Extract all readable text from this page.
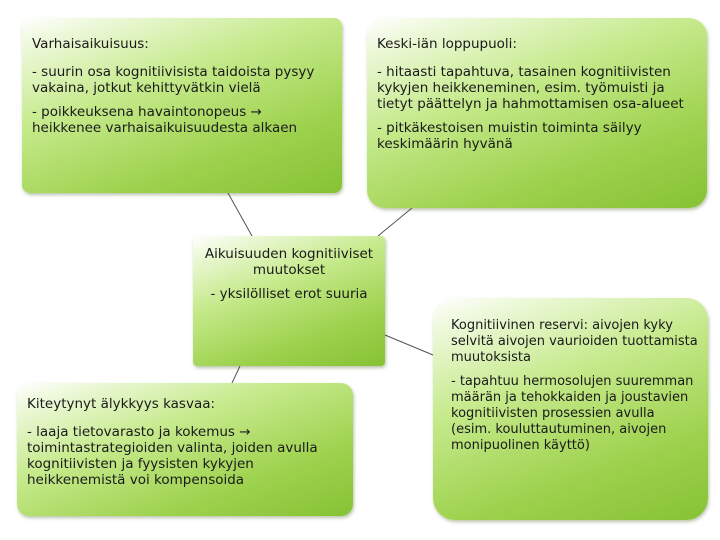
Varhaisaikuisuus:

- suurin osa kognitiivisista taidoista pysyy vakaina, jotkut kehittyvätkin vielä

- poikkeuksena havaintonopeus → heikkenee varhaisaikuisuudesta alkaen

Keski-iän loppupuoli:

- hitaasti tapahtuva, tasainen kognitiivisten kykyjen heikkeneminen, esim. työmuisti ja tietyt päättelyn ja hahmottamisen osa-alueet

- pitkäkestoisen muistin toiminta säilyy keskimäärin hyvänä

Aikuisuuden kognitiiviset muutokset

- yksilölliset erot suuria

Kiteytynyt älykkyys kasvaa:

- laaja tietovarasto ja kokemus → toimintastrategioiden valinta, joiden avulla kognitiivisten ja fyysisten kykyjen heikkenemistä voi kompensoida

Kognitiivinen reservi: aivojen kyky selvitä aivojen vaurioiden tuottamista muutoksista

- tapahtuu hermosolujen suuremman määrän ja tehokkaiden ja joustavien kognitiivisten prosessien avulla (esim. kouluttautuminen, aivojen monipuolinen käyttö)
